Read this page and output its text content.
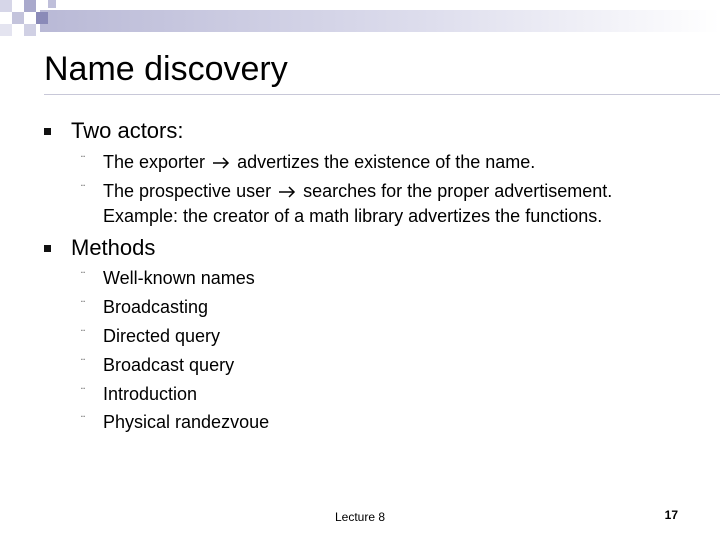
Name discovery
Two actors:
¨ The exporter advertizes the existence of the name.
¨ The prospective user searches for the proper advertisement.
Example: the creator of a math library advertizes the functions.
Methods
¨ Well-known names
¨ Broadcasting
¨ Directed query
¨ Broadcast query
¨ Introduction
¨ Physical randezvoue
Lecture 8	17
